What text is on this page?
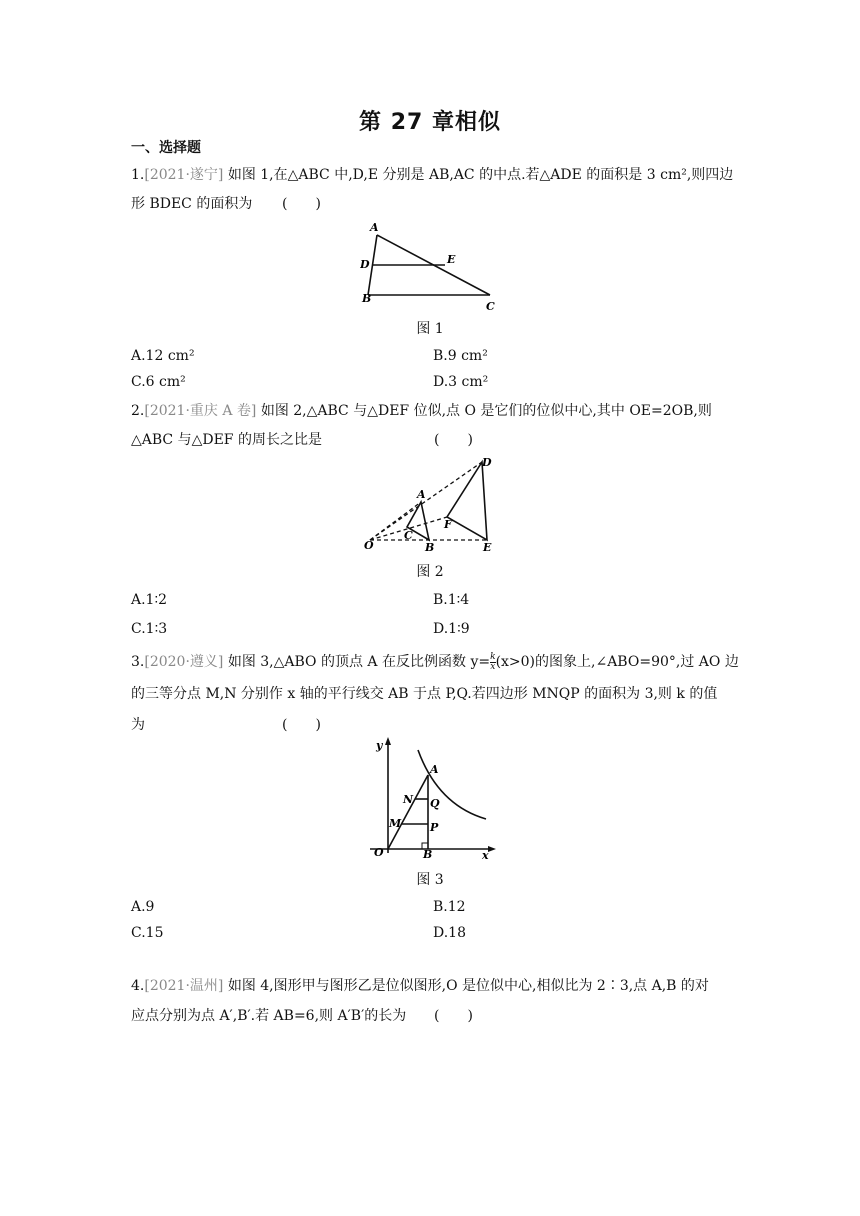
第 27 章相似
一、选择题
1.[2021·遂宁] 如图 1,在△ABC 中,D,E 分别是 AB,AC 的中点.若△ADE 的面积是 3 cm²,则四边
形 BDEC 的面积为 (　　)
A
D	E
B
C
图 1
A.12 cm²	B.9 cm²
C.6 cm²	D.3 cm²
2.[2021·重庆 A 卷] 如图 2,△ABC 与△DEF 位似,点 O 是它们的位似中心,其中 OE=2OB,则
△ABC 与△DEF 的周长之比是	(　　)
O
A
C
B
D
F
E
图 2
A.1∶2	B.1∶4
C.1∶3	D.1∶9
3.[2020·遵义] 如图 3,△ABO 的顶点 A 在反比例函数 $y= \frac{k}{x} (x>0)$的图象上,∠ABO=90°,过 AO 边
的三等分点 M,N 分别作 x 轴的平行线交 AB 于点 P,Q.若四边形 MNQP 的面积为 3,则 k 的值
为	(　　)
y
x
O	B
A
N Q
M	P
图 3
A.9	B.12
C.15	D.18
4.[2021·温州] 如图 4,图形甲与图形乙是位似图形,O 是位似中心,相似比为 2∶3,点 A,B 的对
应点分别为点 A′,B′.若 AB=6,则 A′B′的长为 (　　)
